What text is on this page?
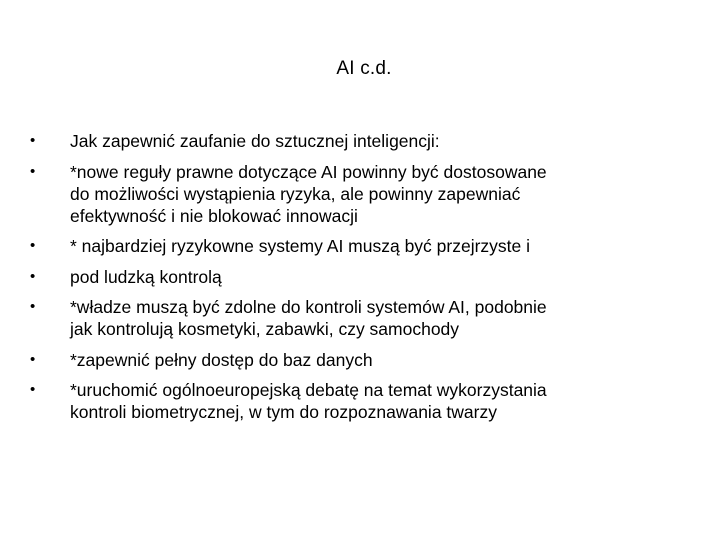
AI c.d.
•	Jak zapewnić zaufanie do sztucznej inteligencji:
•	*nowe reguły prawne dotyczące AI powinny być dostosowane
do możliwości wystąpienia ryzyka, ale powinny zapewniać
efektywność i nie blokować innowacji
•	* najbardziej ryzykowne systemy AI muszą być przejrzyste i
•	pod ludzką kontrolą
•	*władze muszą być zdolne do kontroli systemów AI, podobnie
jak kontrolują kosmetyki, zabawki, czy samochody
•	*zapewnić pełny dostęp do baz danych
•	*uruchomić ogólnoeuropejską debatę na temat wykorzystania
kontroli biometrycznej, w tym do rozpoznawania twarzy
